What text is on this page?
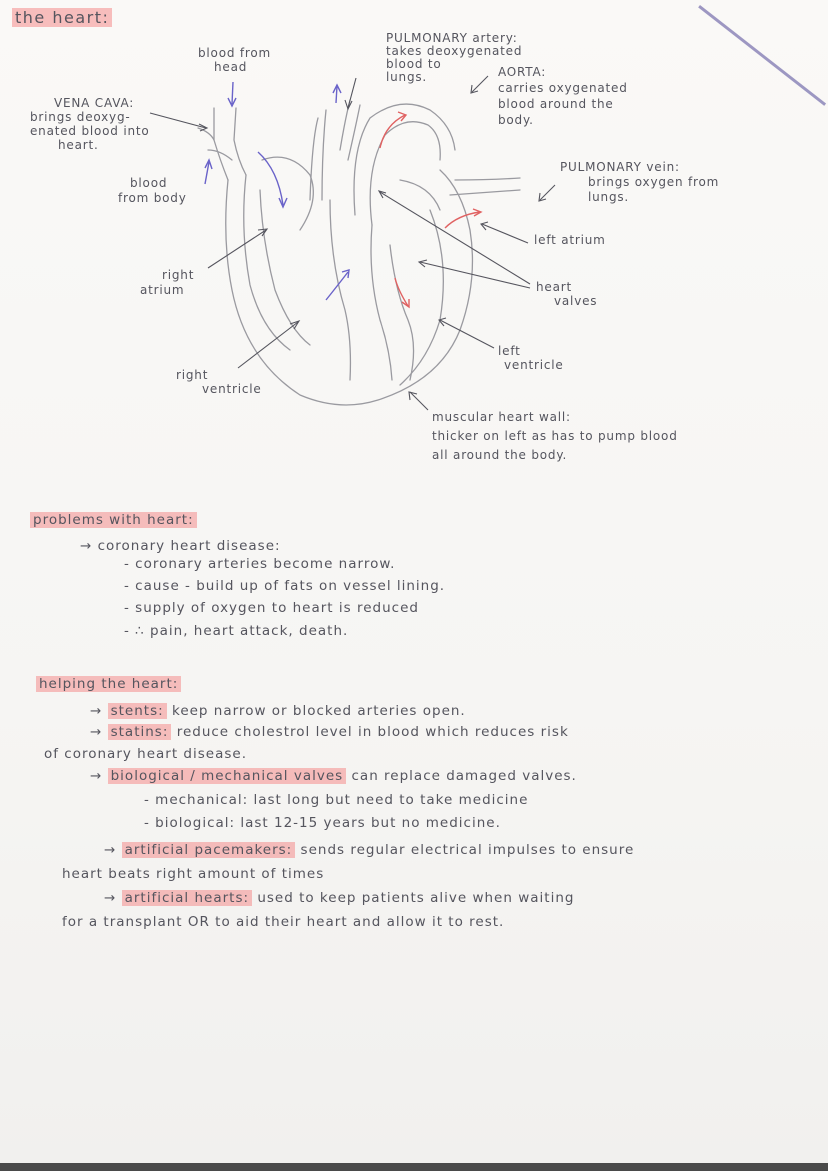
the heart:
blood from
head
PULMONARY artery:
takes deoxygenated
blood to
lungs.	AORTA:
carries oxygenated
blood around the
body.
VENA CAVA:
brings deoxyg-
enated blood into
heart.
blood
from body
PULMONARY vein:
brings oxygen from
lungs.
left atrium
right
atrium	heart
valves
left
ventricle
right
ventricle
muscular heart wall:
thicker on left as has to pump blood
all around the body.
problems with heart:
→ coronary heart disease:
- coronary arteries become narrow.
- cause - build up of fats on vessel lining.
- supply of oxygen to heart is reduced
- ∴ pain, heart attack, death.
helping the heart:
→ stents: keep narrow or blocked arteries open.
→ statins: reduce cholestrol level in blood which reduces risk
of coronary heart disease.
→ biological / mechanical valves can replace damaged valves.
- mechanical: last long but need to take medicine
- biological: last 12-15 years but no medicine.
→ artificial pacemakers: sends regular electrical impulses to ensure
heart beats right amount of times
→ artificial hearts: used to keep patients alive when waiting
for a transplant OR to aid their heart and allow it to rest.
